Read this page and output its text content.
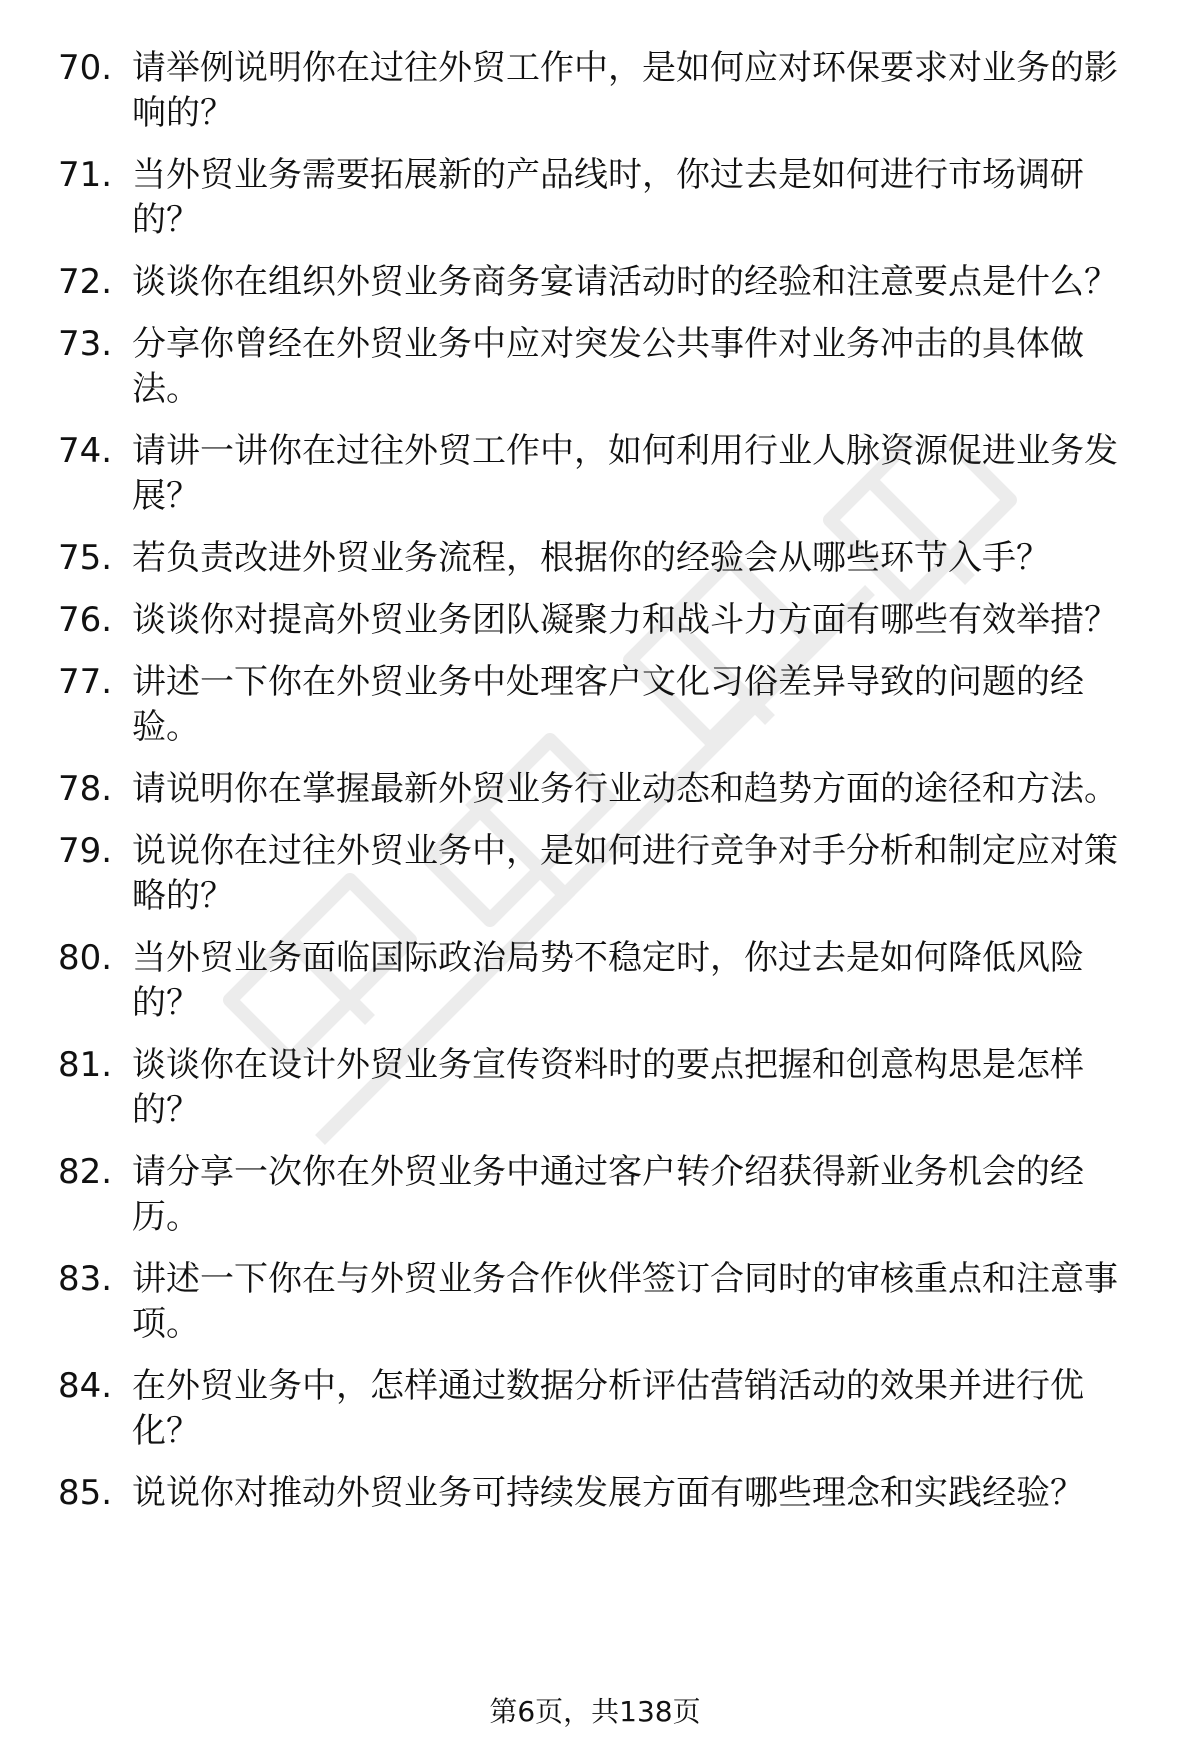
70. 请举例说明你在过往外贸工作中，是如何应对环保要求对业务的影响的？
71. 当外贸业务需要拓展新的产品线时，你过去是如何进行市场调研的？
72. 谈谈你在组织外贸业务商务宴请活动时的经验和注意要点是什么？
73. 分享你曾经在外贸业务中应对突发公共事件对业务冲击的具体做法。
74. 请讲一讲你在过往外贸工作中，如何利用行业人脉资源促进业务发展？
75. 若负责改进外贸业务流程，根据你的经验会从哪些环节入手？
76. 谈谈你对提高外贸业务团队凝聚力和战斗力方面有哪些有效举措？
77. 讲述一下你在外贸业务中处理客户文化习俗差异导致的问题的经验。
78. 请说明你在掌握最新外贸业务行业动态和趋势方面的途径和方法。
79. 说说你在过往外贸业务中，是如何进行竞争对手分析和制定应对策略的？
80. 当外贸业务面临国际政治局势不稳定时，你过去是如何降低风险的？
81. 谈谈你在设计外贸业务宣传资料时的要点把握和创意构思是怎样的？
82. 请分享一次你在外贸业务中通过客户转介绍获得新业务机会的经历。
83. 讲述一下你在与外贸业务合作伙伴签订合同时的审核重点和注意事项。
84. 在外贸业务中，怎样通过数据分析评估营销活动的效果并进行优化？
85. 说说你对推动外贸业务可持续发展方面有哪些理念和实践经验？
第6页，共138页
